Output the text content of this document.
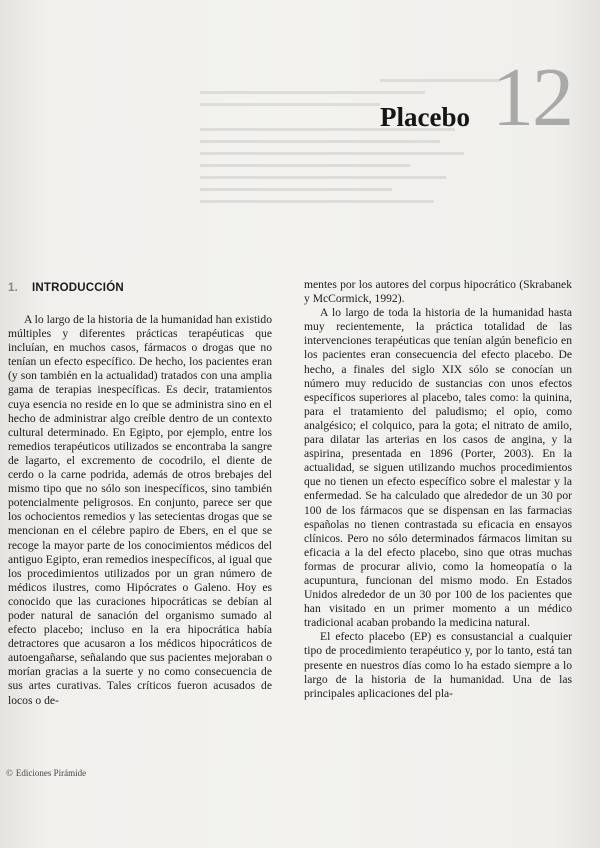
12
Placebo
1. INTRODUCCIÓN

A lo largo de la historia de la humanidad han existido múltiples y diferentes prácticas terapéuticas que incluían, en muchos casos, fármacos o drogas que no tenían un efecto específico. De hecho, los pacientes eran (y son también en la actualidad) tratados con una amplia gama de terapias inespecíficas. Es decir, tratamientos cuya esencia no reside en lo que se administra sino en el hecho de administrar algo creíble dentro de un contexto cultural determinado. En Egipto, por ejemplo, entre los remedios terapéuticos utilizados se encontraba la sangre de lagarto, el excremento de cocodrilo, el diente de cerdo o la carne podrida, además de otros brebajes del mismo tipo que no sólo son inespecíficos, sino también potencialmente peligrosos. En conjunto, parece ser que los ochocientos remedios y las setecientas drogas que se mencionan en el célebre papiro de Ebers, en el que se recoge la mayor parte de los conocimientos médicos del antiguo Egipto, eran remedios inespecíficos, al igual que los procedimientos utilizados por un gran número de médicos ilustres, como Hipócrates o Galeno. Hoy es conocido que las curaciones hipocráticas se debían al poder natural de sanación del organismo sumado al efecto placebo; incluso en la era hipocrática había detractores que acusaron a los médicos hipocráticos de autoengañarse, señalando que sus pacientes mejoraban o morían gracias a la suerte y no como consecuencia de sus artes curativas. Tales críticos fueron acusados de locos o de-

mentes por los autores del corpus hipocrático (Skrabanek y McCormick, 1992).

A lo largo de toda la historia de la humanidad hasta muy recientemente, la práctica totalidad de las intervenciones terapéuticas que tenían algún beneficio en los pacientes eran consecuencia del efecto placebo. De hecho, a finales del siglo XIX sólo se conocían un número muy reducido de sustancias con unos efectos específicos superiores al placebo, tales como: la quinina, para el tratamiento del paludismo; el opio, como analgésico; el colquico, para la gota; el nitrato de amilo, para dilatar las arterias en los casos de angina, y la aspirina, presentada en 1896 (Porter, 2003). En la actualidad, se siguen utilizando muchos procedimientos que no tienen un efecto específico sobre el malestar y la enfermedad. Se ha calculado que alrededor de un 30 por 100 de los fármacos que se dispensan en las farmacias españolas no tienen contrastada su eficacia en ensayos clínicos. Pero no sólo determinados fármacos limitan su eficacia a la del efecto placebo, sino que otras muchas formas de procurar alivio, como la homeopatía o la acupuntura, funcionan del mismo modo. En Estados Unidos alrededor de un 30 por 100 de los pacientes que han visitado en un primer momento a un médico tradicional acaban probando la medicina natural.

El efecto placebo (EP) es consustancial a cualquier tipo de procedimiento terapéutico y, por lo tanto, está tan presente en nuestros días como lo ha estado siempre a lo largo de la historia de la humanidad. Una de las principales aplicaciones del pla-

© Ediciones Pirámide
